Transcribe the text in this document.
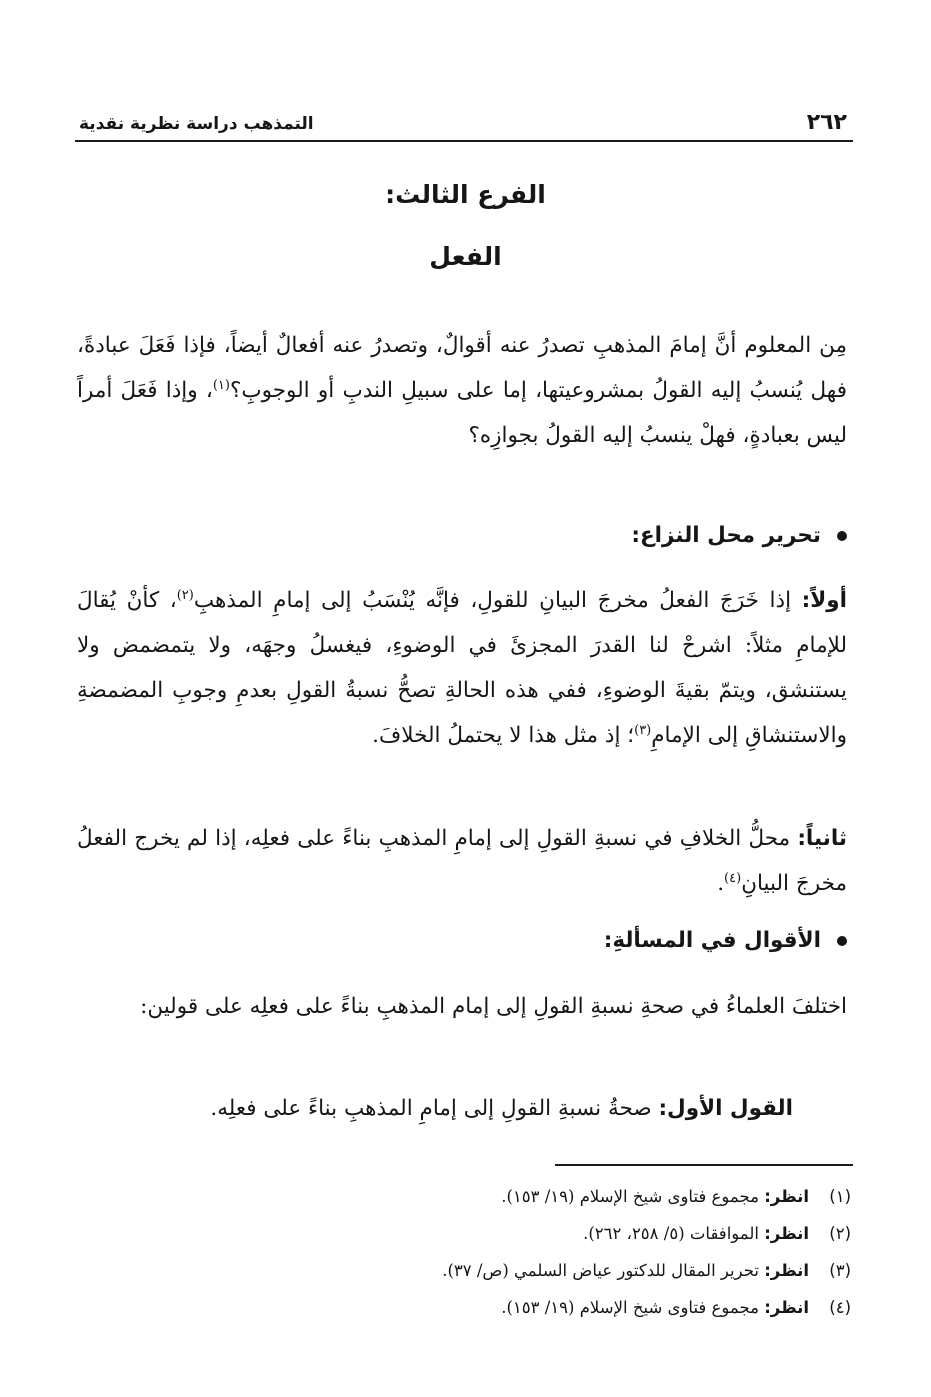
٢٦٢
التمذهب دراسة نظرية نقدية
الفرع الثالث:
الفعل

مِن المعلوم أنَّ إمامَ المذهبِ تصدرُ عنه أقوالٌ، وتصدرُ عنه أفعالٌ أيضاً، فإذا فَعَلَ عبادةً، فهل يُنسبُ إليه القولُ بمشروعيتها، إما على سبيلِ الندبِ أو الوجوبِ؟$^{(١)}$، وإذا فَعَلَ أمراً ليس بعبادةٍ، فهلْ ينسبُ إليه القولُ بجوازِه؟

تحرير محل النزاع:

أولاً: إذا خَرَجَ الفعلُ مخرجَ البيانِ للقولِ، فإنَّه يُنْسَبُ إلى إمامِ المذهبِ$^{(٢)}$، كأنْ يُقالَ للإمامِ مثلاً: اشرحْ لنا القدرَ المجزئَ في الوضوءِ، فيغسلُ وجهَه، ولا يتمضمض ولا يستنشق، ويتمّ بقيةَ الوضوءِ، ففي هذه الحالةِ تصحُّ نسبةُ القولِ بعدمِ وجوبِ المضمضةِ والاستنشاقِ إلى الإمامِ$^{(٣)}$؛ إذ مثل هذا لا يحتملُ الخلافَ.

ثانياً: محلُّ الخلافِ في نسبةِ القولِ إلى إمامِ المذهبِ بناءً على فعلِه، إذا لم يخرج الفعلُ مخرجَ البيانِ$^{(٤)}$.

الأقوال في المسألةِ:

اختلفَ العلماءُ في صحةِ نسبةِ القولِ إلى إمام المذهبِ بناءً على فعلِه على قولين:

القول الأول: صحةُ نسبةِ القولِ إلى إمامِ المذهبِ بناءً على فعلِه.
(١)انظر: مجموع فتاوى شيخ الإسلام (١٩/ ١٥٣).
(٢)انظر: الموافقات (٥/ ٢٥٨، ٢٦٢).
(٣)انظر: تحرير المقال للدكتور عياض السلمي (ص/ ٣٧).
(٤)انظر: مجموع فتاوى شيخ الإسلام (١٩/ ١٥٣).
